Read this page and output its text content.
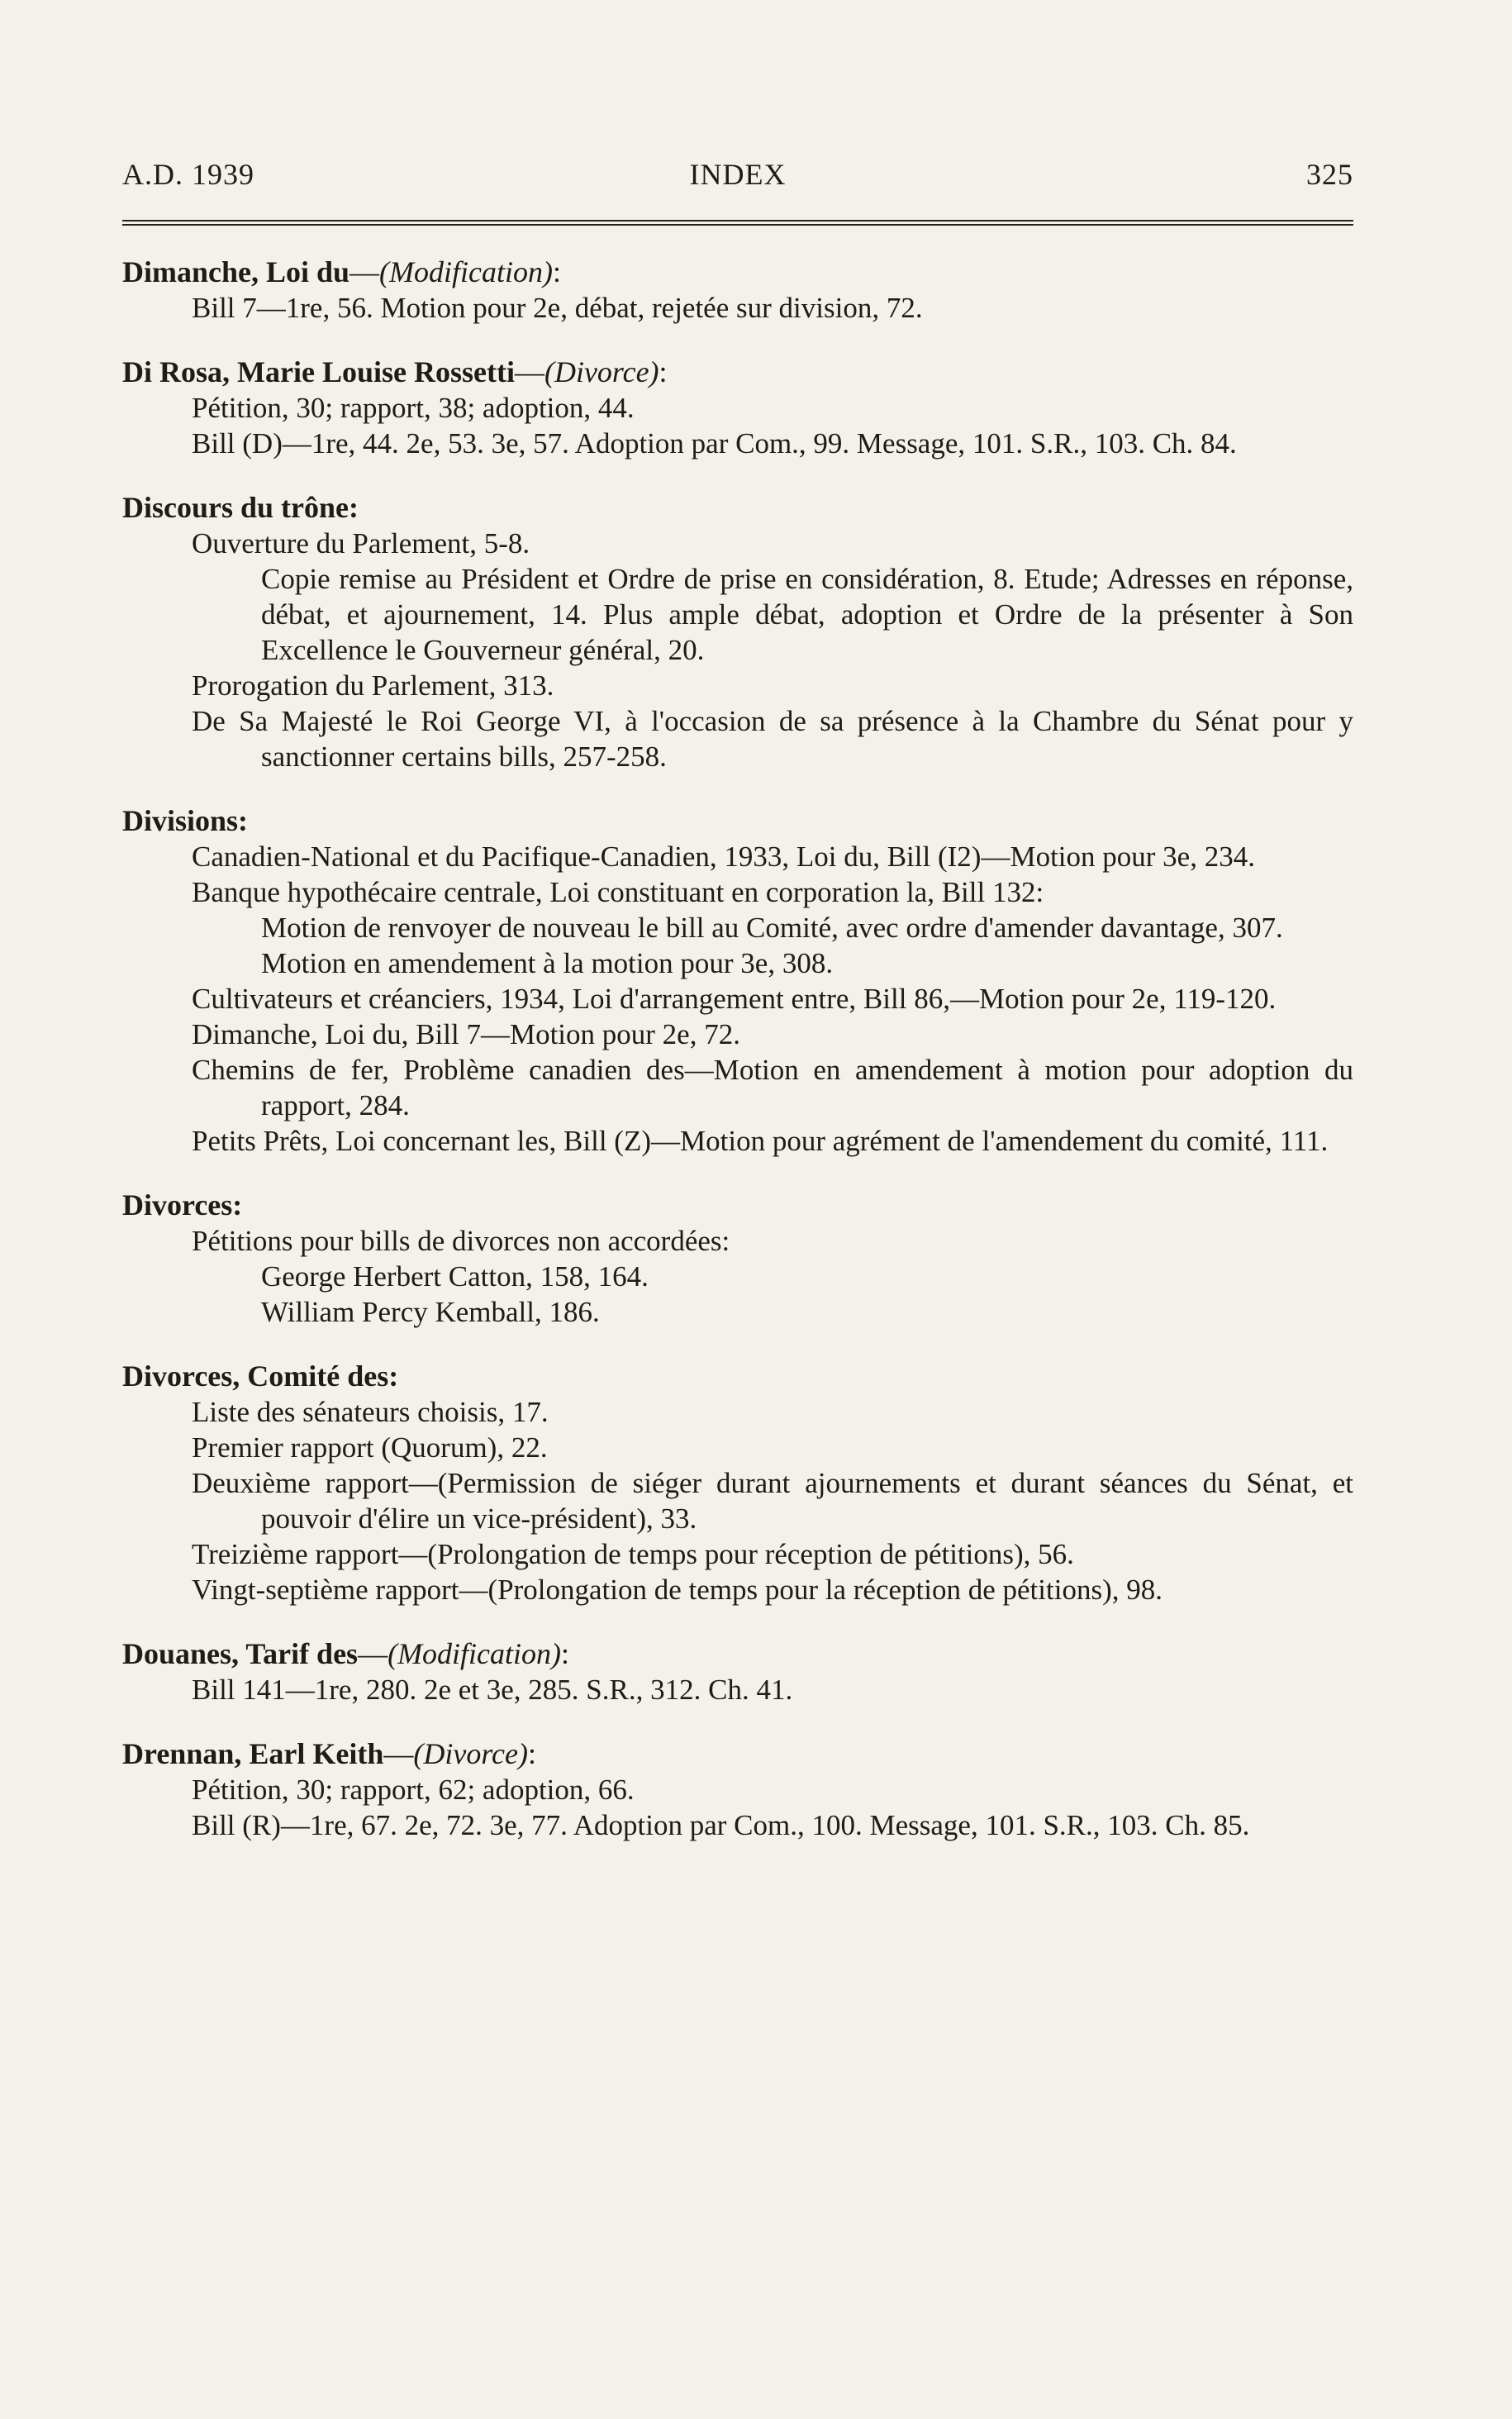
A.D. 1939	INDEX	325

Dimanche, Loi du—(Modification):

Bill 7—1re, 56. Motion pour 2e, débat, rejetée sur division, 72.

Di Rosa, Marie Louise Rossetti—(Divorce):

Pétition, 30; rapport, 38; adoption, 44.

Bill (D)—1re, 44. 2e, 53. 3e, 57. Adoption par Com., 99. Message, 101. S.R., 103. Ch. 84.

Discours du trône:

Ouverture du Parlement, 5-8.

Copie remise au Président et Ordre de prise en considération, 8. Etude; Adresses en réponse, débat, et ajournement, 14. Plus ample débat, adoption et Ordre de la présenter à Son Excellence le Gouverneur général, 20.

Prorogation du Parlement, 313.

De Sa Majesté le Roi George VI, à l'occasion de sa présence à la Chambre du Sénat pour y sanctionner certains bills, 257-258.

Divisions:

Canadien-National et du Pacifique-Canadien, 1933, Loi du, Bill (I2)—Motion pour 3e, 234.

Banque hypothécaire centrale, Loi constituant en corporation la, Bill 132:

Motion de renvoyer de nouveau le bill au Comité, avec ordre d'amender davantage, 307.

Motion en amendement à la motion pour 3e, 308.

Cultivateurs et créanciers, 1934, Loi d'arrangement entre, Bill 86,—Motion pour 2e, 119-120.

Dimanche, Loi du, Bill 7—Motion pour 2e, 72.

Chemins de fer, Problème canadien des—Motion en amendement à motion pour adoption du rapport, 284.

Petits Prêts, Loi concernant les, Bill (Z)—Motion pour agrément de l'amendement du comité, 111.

Divorces:

Pétitions pour bills de divorces non accordées:

George Herbert Catton, 158, 164.

William Percy Kemball, 186.

Divorces, Comité des:

Liste des sénateurs choisis, 17.

Premier rapport (Quorum), 22.

Deuxième rapport—(Permission de siéger durant ajournements et durant séances du Sénat, et pouvoir d'élire un vice-président), 33.

Treizième rapport—(Prolongation de temps pour réception de pétitions), 56.

Vingt-septième rapport—(Prolongation de temps pour la réception de pétitions), 98.

Douanes, Tarif des—(Modification):

Bill 141—1re, 280. 2e et 3e, 285. S.R., 312. Ch. 41.

Drennan, Earl Keith—(Divorce):

Pétition, 30; rapport, 62; adoption, 66.

Bill (R)—1re, 67. 2e, 72. 3e, 77. Adoption par Com., 100. Message, 101. S.R., 103. Ch. 85.
